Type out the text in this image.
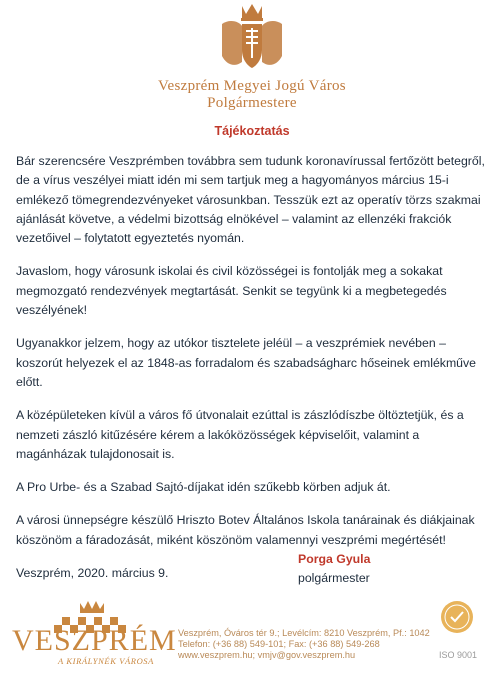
Veszprém Megyei Jogú Város
Polgármestere
Tájékoztatás

Bár szerencsére Veszprémben továbbra sem tudunk koronavírussal fertőzött betegről, de a vírus veszélyei miatt idén mi sem tartjuk meg a hagyományos március 15-i emlékező tömegrendezvényeket városunkban. Tesszük ezt az operatív törzs szakmai ajánlását követve, a védelmi bizottság elnökével – valamint az ellenzéki frakciók vezetőivel – folytatott egyeztetés nyomán.

Javaslom, hogy városunk iskolai és civil közösségei is fontolják meg a sokakat megmozgató rendezvények megtartását. Senkit se tegyünk ki a megbetegedés veszélyének!

Ugyanakkor jelzem, hogy az utókor tisztelete jeléül – a veszprémiek nevében – koszorút helyezek el az 1848-as forradalom és szabadságharc hőseinek emlékműve előtt.

A középületeken kívül a város fő útvonalait ezúttal is zászlódíszbe öltöztetjük, és a nemzeti zászló kitűzésére kérem a lakóközösségek képviselőit, valamint a magánházak tulajdonosait is.

A Pro Urbe- és a Szabad Sajtó-díjakat idén szűkebb körben adjuk át.

A városi ünnepségre készülő Hriszto Botev Általános Iskola tanárainak és diákjainak köszönöm a fáradozását, miként köszönöm valamennyi veszprémi megértését!

Veszprém, 2020. március 9.

Porga Gyula
polgármester
VESZPRÉM
A KIRÁLYNÉK VÁROSA
Veszprém, Óváros tér 9.; Levélcím: 8210 Veszprém, Pf.: 1042
Telefon: (+36 88) 549-101; Fax: (+36 88) 549-268
www.veszprem.hu; vmjv@gov.veszprem.hu	ISO 9001
